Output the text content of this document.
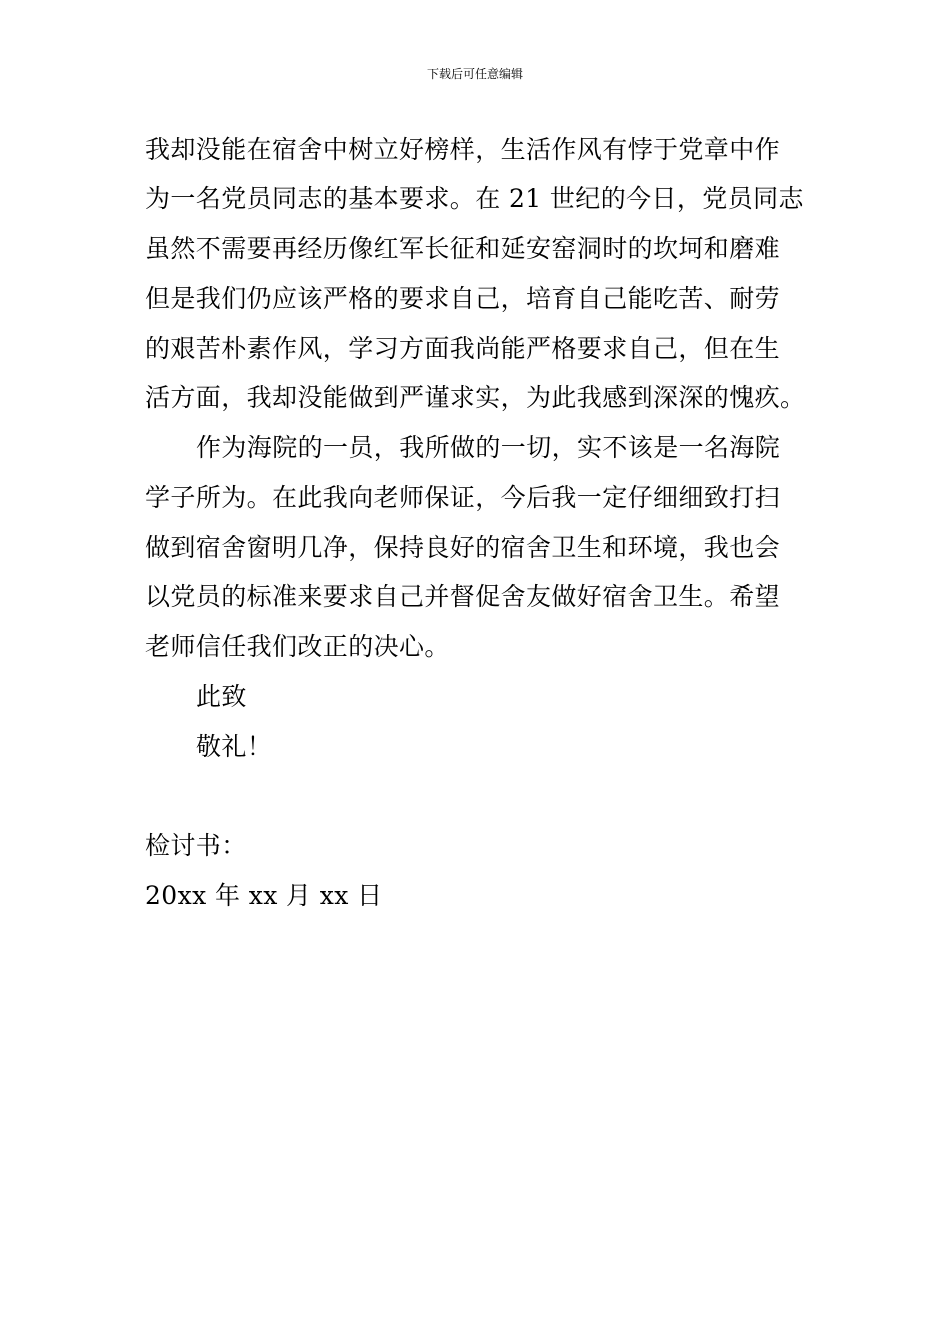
下载后可任意编辑
我却没能在宿舍中树立好榜样，生活作风有悖于党章中作
为一名党员同志的基本要求。在 21 世纪的今日，党员同志
虽然不需要再经历像红军长征和延安窑洞时的坎坷和磨难
但是我们仍应该严格的要求自己，培育自己能吃苦、耐劳
的艰苦朴素作风，学习方面我尚能严格要求自己，但在生
活方面，我却没能做到严谨求实，为此我感到深深的愧疚。
作为海院的一员，我所做的一切，实不该是一名海院
学子所为。在此我向老师保证，今后我一定仔细细致打扫
做到宿舍窗明几净，保持良好的宿舍卫生和环境，我也会
以党员的标准来要求自己并督促舍友做好宿舍卫生。希望
老师信任我们改正的决心。
此致
敬礼！
检讨书：
20xx 年 xx 月 xx 日
